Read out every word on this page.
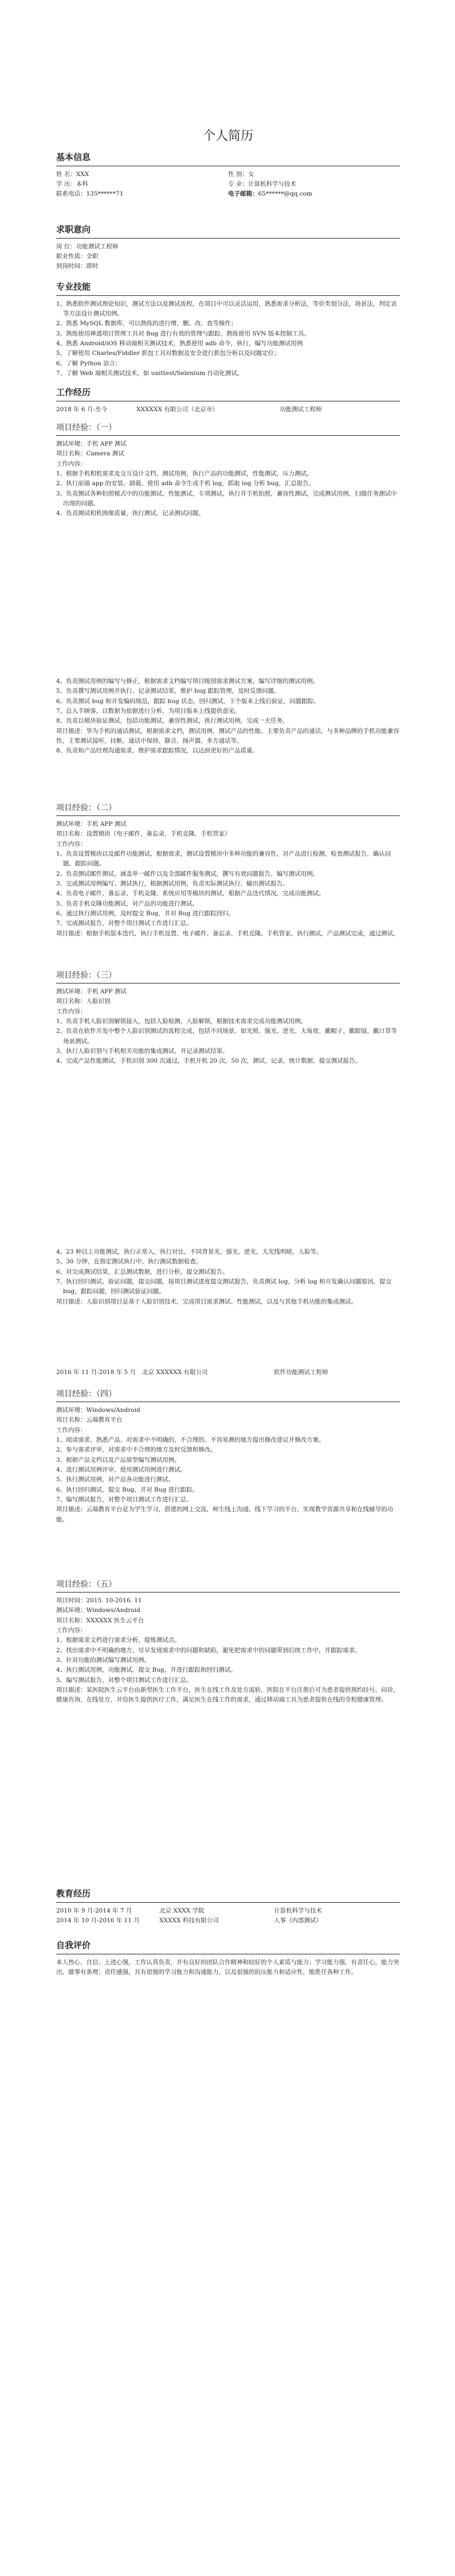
个人简历
基本信息
姓 名：XXX	性 别：女
学 历：本科	专 业：计算机科学与技术
联系电话：135******71	电子邮箱：65******@qq.com
求职意向

岗 位：功能测试工程师

职业性质：全职

到岗时间：即时

专业技能

1、熟悉软件测试理论知识，测试方法以及测试流程，在项目中可以灵活运用，熟悉需求分析法，等价类划分法，场景法，判定表等方法设计测试用例。

2、熟悉 MySQL 数据库，可以熟练的进行增、删、改、查等操作；

3、熟练使用禅道项目管理工具对 Bug 进行有效的管理与跟踪，熟练使用 SVN 版本控制工具。

4、熟悉 Android/iOS 移动端相关测试技术，熟悉使用 adb 命令，执行，编写功能测试用例

5、了解使用 Charles/Fiddler 抓包工具对数据及安全进行抓包分析以及问题定位；

6、了解 Python 语言；

7、了解 Web 端相关测试技术，如 unittest/Selenium 自动化测试。

工作经历
2018 年 6 月-至今	XXXXXX 有限公司（北京市）	功能测试工程师
项目经验：（一）

测试环境：手机 APP 测试

项目名称：Camera 测试

工作内容：

1、根据手机相机需求及交互设计文档，测试用例，执行产品的功能测试，性能测试，压力测试。

2、执行前端 app 的安装、卸载、使用 adb 命令生成手机 log，抓取 log 分析 bug，汇总报告。

3、负责测试各种拍照模式中的功能测试，性能测试，专项测试，执行并手机拍照，兼容性测试，完成测试用例，扫描任务测试中出现的问题。

4、负责测试相机图像质量，执行测试，记录测试问题。

4、负责测试用例的编写与修正，根据需求文档编写项目级别需求测试方案，编写详细的测试用例。

5、负责撰写测试用例并执行、记录测试结果，维护 bug 跟踪管理，及时反馈问题。

6、负责测试 bug 和开发编码规范，跟踪 bug 状态，回归测试，下个版本上线后验证，问题跟踪。

7、总入手顾客，以数据为依据进行分析，为项目版本上线提供意见。

8、负责以模块验证测试，包括功能测试，兼容性测试，执行测试用例，完成一天任务，

项目描述：华为手机的通话测试，根据需求文档，测试用例，测试产品的性能。主要负责产品的通话，与多种品牌的手机功能兼容性，主要测试接听，挂断，通话中保持，静音，扬声器，多方通话等。

8、负责和产品经理沟通需求，维护需求跟踪情况，以达到更好的产品质量。

项目经验：（二）

测试环境：手机 APP 测试

项目名称：设置模块（电子邮件，备忘录，手机克隆，手机管家）

工作内容：

1、负责设置模块以及邮件功能测试，根据需求，测试设置模块中多种功能的兼容性，对产品进行检测，检查测试报告，确认问题，跟踪问题。

2、负责测试邮件测试，涵盖单一邮件以及全部邮件服务测试，撰写有效问题报告，编写测试用例。

3、完成测试用例编写、测试执行，根据测试用例，负责实际测试执行，输出测试报告。

4、负责电子邮件、备忘录、手机克隆、系统应用等模块的测试，根据产品迭代情况，完成功能测试。

5、负责手机克隆功能测试，对产品的功能进行测试。

6、通过执行测试用例，及时提交 Bug，并对 Bug 进行跟踪回归。

7、完成测试报告，对整个项目测试工作进行汇总。

项目描述：根据手机版本迭代，执行手机设置、电子邮件、备忘录、手机克隆、手机管家，执行测试，产品测试完成，通过测试。

项目经验：（三）

测试环境：手机 APP 测试

项目名称：人脸识别

工作内容：

1、负责手机人脸识别解锁接入，包括人脸检测，人脸解锁，根据技术需求完成功能测试用例。

2、负责在软件开发中整个人脸识别测试的流程完成，包括不同场景，如光照、强光、逆光、大角度、戴帽子、戴眼镜、戴口罩等场景测试。

3、执行人脸识别与手机相关功能的集成测试，并记录测试结果。

4、完成产品性能测试，手机识别 300 次通过，手机开机 20 次，50 次，测试，记录，统计数据，提交测试报告。

4、23 种以上功能测试，执行正常入，执行对比，不同背景光，强光，逆光，大光线明暗，人脸等。

5、30 分钟，在指定测试执行中，执行测试数据检查。

6、对完成测试结果，汇总测试数据，进行分析，提交测试报告。

7、执行回归测试、验证问题，提交问题，按项目测试进度提交测试报告，负责测试 log，分析 log 和开发确认问题原因，提交 bug，跟踪问题，回归测试验证问题。

项目描述：人脸识别项目是基于人脸识别技术，完成项目需求测试、性能测试，以及与其他手机功能的集成测试。

2016 年 11 月-2018 年 5 月	北京 XXXXXX 有限公司	软件功能测试工程师
项目经验：（四）

测试环境：Windows/Android

项目名称：云端教育平台

工作内容：

1、阅读需求、熟悉产品、对需求中不明确的、不合理的、不容易测的地方提出修改建议并修改方案。

2、参与需求评审，对需求中不合理的地方及时反馈和修改。

3、根据产品文档以及产品原型编写测试用例。

4、进行测试用例评审，使用测试用例进行测试。

5、执行测试用例，对产品各功能进行测试。

6、执行回归测试，提交 Bug，并对 Bug 进行跟踪。

7、编写测试报告，对整个项目测试工作进行汇总。

项目描述：云端教育平台是为学生学习，搭建的网上交流，师生线上沟通、线下学习的平台，实现教学资源共享和在线辅导的功能。

项目经验：（五）

项目时间：2015. 10-2016. 11

测试环境：Windows/Android

项目名称：XXXXXX 医生云平台

工作内容：

1、根据需求文档进行需求分析，提炼测试点。

2、找出需求中不明确的地方，尽早发现需求中的问题和缺陷，避免把需求中的问题带到后续工作中，并跟踪需求。

3、针对功能的测试编写测试用例。

4、执行测试用例，功能测试，提交 Bug，并进行跟踪和回归测试。

5、编写测试报告，对整个项目测试工作进行汇总。

项目描述：某医院医生云平台由新型医生工作平台，医生在线工作及处方流转，医院在平台注册后可为患者提供预约挂号，问诊，健康咨询，在线处方，并给医生提供医疗工作，满足医生在线工作的需求，通过移动端工具为患者提供在线的全程健康管理。

教育经历
2010 年 9 月-2014 年 7 月	北京 XXXX 学院	计算机科学与技术
2014 年 10 月-2016 年 11 月	XXXXX 科技有限公司	人事（内部测试）
自我评价

本人热心、自信、上进心强，工作认真负责，并有良好的团队合作精神和较好的个人素质与能力；学习能力强，有责任心，能力突出，做事有条理；责任感强，具有很强的学习能力和沟通能力，以及很强的抗压能力和适应性，能胜任各种工作。
